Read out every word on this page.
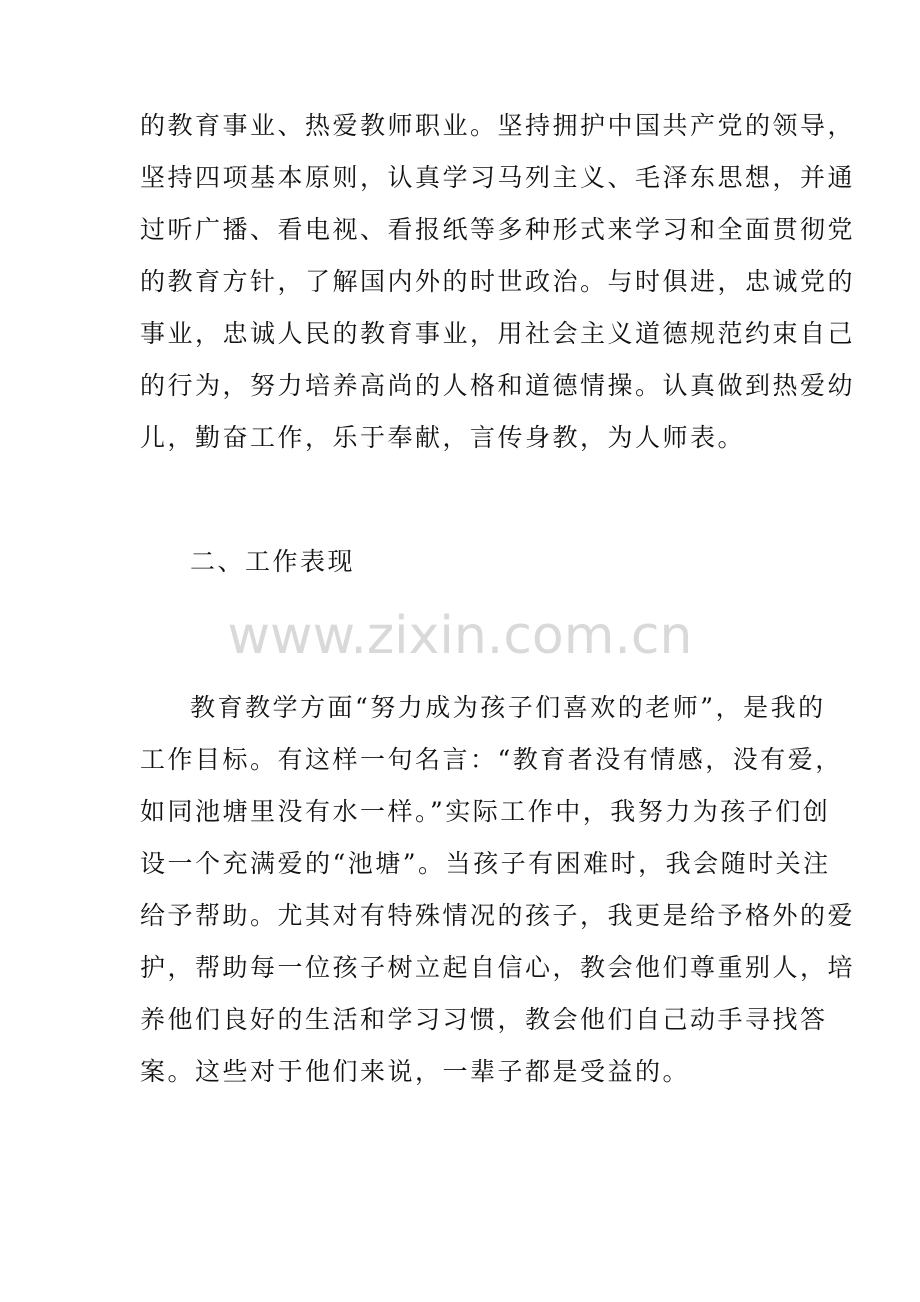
的教育事业、热爱教师职业。坚持拥护中国共产党的领导，
坚持四项基本原则，认真学习马列主义、毛泽东思想，并通
过听广播、看电视、看报纸等多种形式来学习和全面贯彻党
的教育方针，了解国内外的时世政治。与时俱进，忠诚党的
事业，忠诚人民的教育事业，用社会主义道德规范约束自己
的行为，努力培养高尚的人格和道德情操。认真做到热爱幼
儿，勤奋工作，乐于奉献，言传身教，为人师表。
二、工作表现
www.zixin.com.cn
教育教学方面“努力成为孩子们喜欢的老师”，是我的
工作目标。有这样一句名言：“教育者没有情感，没有爱，
如同池塘里没有水一样。”实际工作中，我努力为孩子们创
设一个充满爱的“池塘”。当孩子有困难时，我会随时关注
给予帮助。尤其对有特殊情况的孩子，我更是给予格外的爱
护，帮助每一位孩子树立起自信心，教会他们尊重别人，培
养他们良好的生活和学习习惯，教会他们自己动手寻找答
案。这些对于他们来说，一辈子都是受益的。
